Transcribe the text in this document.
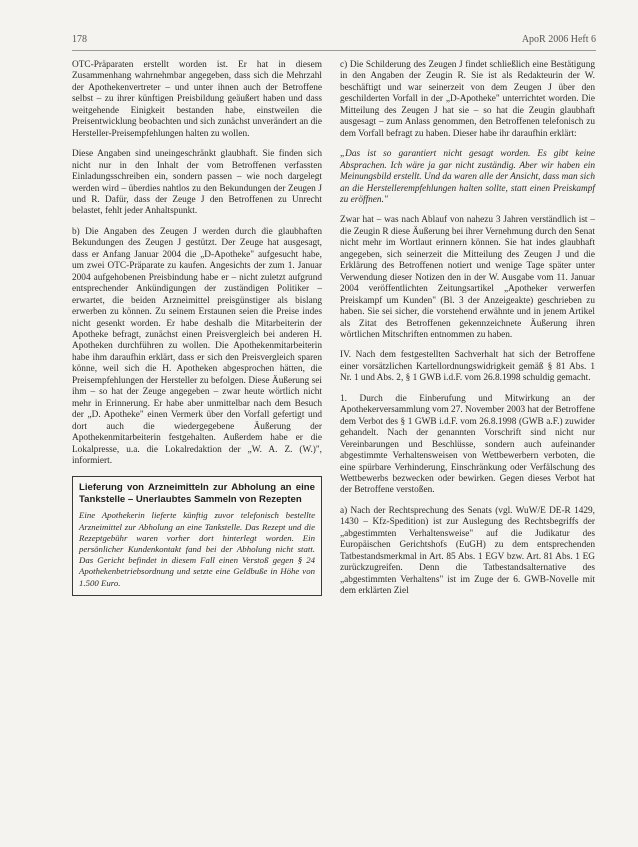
178	ApoR 2006 Heft 6

OTC-Präparaten erstellt worden ist. Er hat in diesem Zusammenhang wahrnehmbar angegeben, dass sich die Mehrzahl der Apothekenvertreter – und unter ihnen auch der Betroffene selbst – zu ihrer künftigen Preisbildung geäußert haben und dass weitgehende Einigkeit bestanden habe, einstweilen die Preisentwicklung beobachten und sich zunächst unverändert an die Hersteller-Preisempfehlungen halten zu wollen.

Diese Angaben sind uneingeschränkt glaubhaft. Sie finden sich nicht nur in den Inhalt der vom Betroffenen verfassten Einladungsschreiben ein, sondern passen – wie noch dargelegt werden wird – überdies nahtlos zu den Bekundungen der Zeugen J und R. Dafür, dass der Zeuge J den Betroffenen zu Unrecht belastet, fehlt jeder Anhaltspunkt.

b) Die Angaben des Zeugen J werden durch die glaubhaften Bekundungen des Zeugen J gestützt. Der Zeuge hat ausgesagt, dass er Anfang Januar 2004 die „D-Apotheke" aufgesucht habe, um zwei OTC-Präparate zu kaufen. Angesichts der zum 1. Januar 2004 aufgehobenen Preisbindung habe er – nicht zuletzt aufgrund entsprechender Ankündigungen der zuständigen Politiker – erwartet, die beiden Arzneimittel preisgünstiger als bislang erwerben zu können. Zu seinem Erstaunen seien die Preise indes nicht gesenkt worden. Er habe deshalb die Mitarbeiterin der Apotheke befragt, zunächst einen Preisvergleich bei anderen H. Apotheken durchführen zu wollen. Die Apothekenmitarbeiterin habe ihm daraufhin erklärt, dass er sich den Preisvergleich sparen könne, weil sich die H. Apotheken abgesprochen hätten, die Preisempfehlungen der Hersteller zu befolgen. Diese Äußerung sei ihm – so hat der Zeuge angegeben – zwar heute wörtlich nicht mehr in Erinnerung. Er habe aber unmittelbar nach dem Besuch der „D. Apotheke" einen Vermerk über den Vorfall gefertigt und dort auch die wiedergegebene Äußerung der Apothekenmitarbeiterin festgehalten. Außerdem habe er die Lokalpresse, u.a. die Lokalredaktion der „W. A. Z. (W.)", informiert.

Lieferung von Arzneimitteln zur Abholung an eine Tankstelle – Unerlaubtes Sammeln von Rezepten
Eine Apothekerin lieferte künftig zuvor telefonisch bestellte Arzneimittel zur Abholung an eine Tankstelle. Das Rezept und die Rezeptgebühr waren vorher dort hinterlegt worden. Ein persönlicher Kundenkontakt fand bei der Abholung nicht statt. Das Gericht befindet in diesem Fall einen Verstoß gegen § 24 Apothekenbetriebsordnung und setzte eine Geldbuße in Höhe von 1.500 Euro.

c) Die Schilderung des Zeugen J findet schließlich eine Bestätigung in den Angaben der Zeugin R. Sie ist als Redakteurin der W. beschäftigt und war seinerzeit von dem Zeugen J über den geschilderten Vorfall in der „D-Apotheke" unterrichtet worden. Die Mitteilung des Zeugen J hat sie – so hat die Zeugin glaubhaft ausgesagt – zum Anlass genommen, den Betroffenen telefonisch zu dem Vorfall befragt zu haben. Dieser habe ihr daraufhin erklärt:

„Das ist so garantiert nicht gesagt worden. Es gibt keine Absprachen. Ich wäre ja gar nicht zuständig. Aber wir haben ein Meinungsbild erstellt. Und da waren alle der Ansicht, dass man sich an die Herstellerempfehlungen halten sollte, statt einen Preiskampf zu eröffnen."

Zwar hat – was nach Ablauf von nahezu 3 Jahren verständlich ist – die Zeugin R diese Äußerung bei ihrer Vernehmung durch den Senat nicht mehr im Wortlaut erinnern können. Sie hat indes glaubhaft angegeben, sich seinerzeit die Mitteilung des Zeugen J und die Erklärung des Betroffenen notiert und wenige Tage später unter Verwendung dieser Notizen den in der W. Ausgabe vom 11. Januar 2004 veröffentlichten Zeitungsartikel „Apotheker verwerfen Preiskampf um Kunden" (Bl. 3 der Anzeigeakte) geschrieben zu haben. Sie sei sicher, die vorstehend erwähnte und in jenem Artikel als Zitat des Betroffenen gekennzeichnete Äußerung ihren wörtlichen Mitschriften entnommen zu haben.

IV. Nach dem festgestellten Sachverhalt hat sich der Betroffene einer vorsätzlichen Kartellordnungswidrigkeit gemäß § 81 Abs. 1 Nr. 1 und Abs. 2, § 1 GWB i.d.F. vom 26.8.1998 schuldig gemacht.

1. Durch die Einberufung und Mitwirkung an der Apothekerversammlung vom 27. November 2003 hat der Betroffene dem Verbot des § 1 GWB i.d.F. vom 26.8.1998 (GWB a.F.) zuwider gehandelt. Nach der genannten Vorschrift sind nicht nur Vereinbarungen und Beschlüsse, sondern auch aufeinander abgestimmte Verhaltensweisen von Wettbewerbern verboten, die eine spürbare Verhinderung, Einschränkung oder Verfälschung des Wettbewerbs bezwecken oder bewirken. Gegen dieses Verbot hat der Betroffene verstoßen.

a) Nach der Rechtsprechung des Senats (vgl. WuW/E DE-R 1429, 1430 – Kfz-Spedition) ist zur Auslegung des Rechtsbegriffs der „abgestimmten Verhaltensweise" auf die Judikatur des Europäischen Gerichtshofs (EuGH) zu dem entsprechenden Tatbestandsmerkmal in Art. 85 Abs. 1 EGV bzw. Art. 81 Abs. 1 EG zurückzugreifen. Denn die Tatbestandsalternative des „abgestimmten Verhaltens" ist im Zuge der 6. GWB-Novelle mit dem erklärten Ziel
